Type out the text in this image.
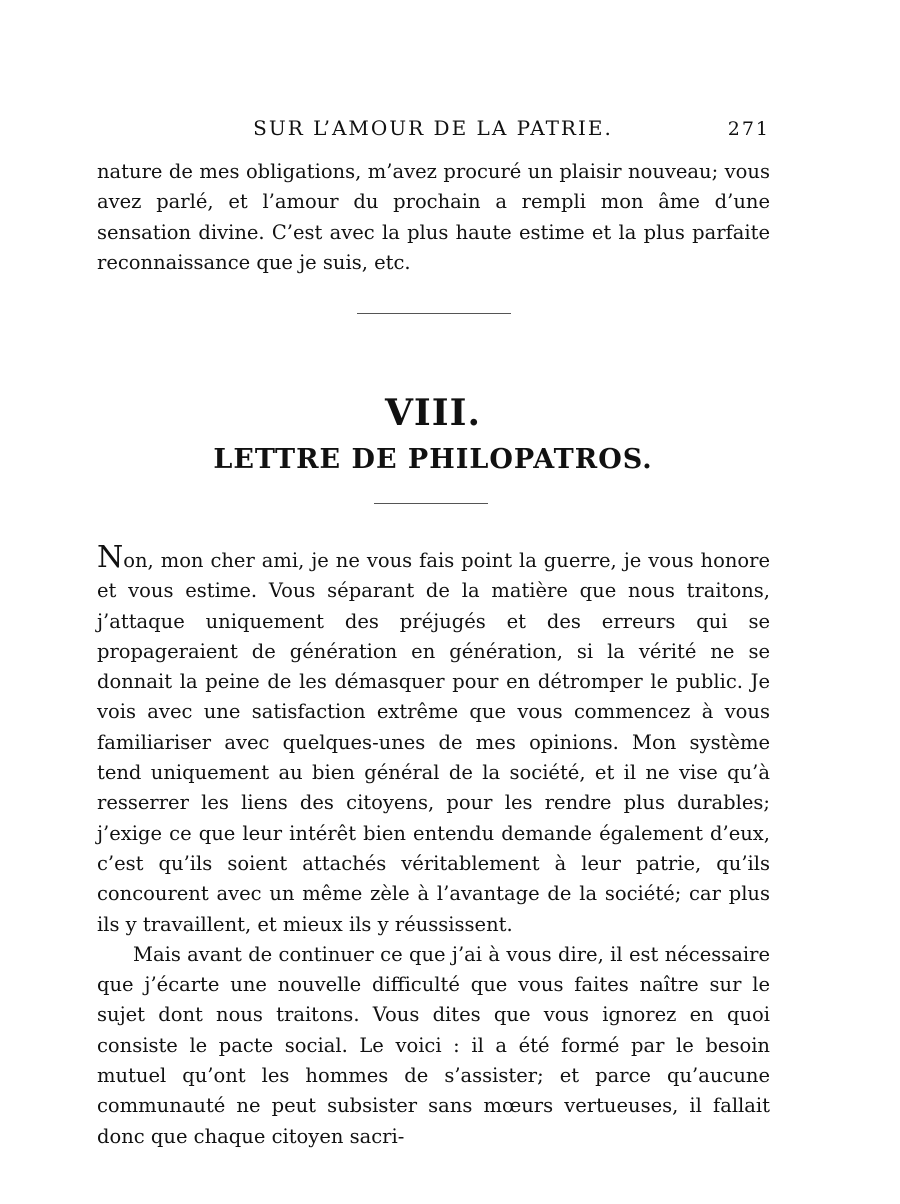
SUR L’AMOUR DE LA PATRIE.	271
nature de mes obligations, m’avez procuré un plaisir nouveau; vous avez parlé, et l’amour du prochain a rempli mon âme d’une sensation divine. C’est avec la plus haute estime et la plus parfaite reconnaissance que je suis, etc.
VIII.
LETTRE DE PHILOPATROS.

Non, mon cher ami, je ne vous fais point la guerre, je vous honore et vous estime. Vous séparant de la matière que nous traitons, j’attaque uniquement des préjugés et des erreurs qui se propageraient de génération en génération, si la vérité ne se donnait la peine de les démasquer pour en détromper le public. Je vois avec une satisfaction extrême que vous commencez à vous familiariser avec quelques-unes de mes opinions. Mon système tend uniquement au bien général de la société, et il ne vise qu’à resserrer les liens des citoyens, pour les rendre plus durables; j’exige ce que leur intérêt bien entendu demande également d’eux, c’est qu’ils soient attachés véritablement à leur patrie, qu’ils concourent avec un même zèle à l’avantage de la société; car plus ils y travaillent, et mieux ils y réussissent.

Mais avant de continuer ce que j’ai à vous dire, il est nécessaire que j’écarte une nouvelle difficulté que vous faites naître sur le sujet dont nous traitons. Vous dites que vous ignorez en quoi consiste le pacte social. Le voici : il a été formé par le besoin mutuel qu’ont les hommes de s’assister; et parce qu’aucune communauté ne peut subsister sans mœurs vertueuses, il fallait donc que chaque citoyen sacri-
